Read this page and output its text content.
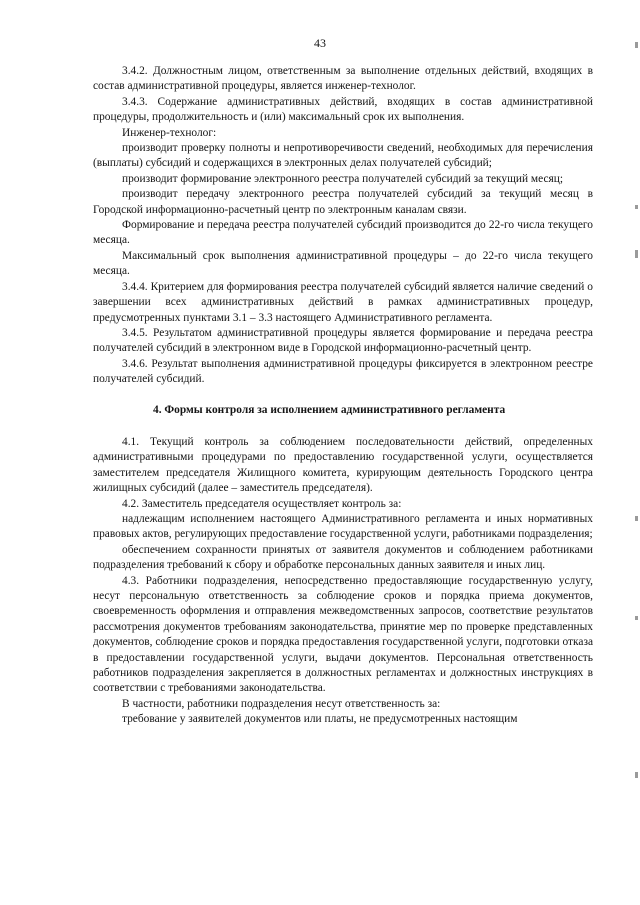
43

3.4.2. Должностным лицом, ответственным за выполнение отдельных действий, входящих в состав административной процедуры, является инженер-технолог.

3.4.3. Содержание административных действий, входящих в состав административной процедуры, продолжительность и (или) максимальный срок их выполнения.

Инженер-технолог:

производит проверку полноты и непротиворечивости сведений, необходимых для перечисления (выплаты) субсидий и содержащихся в электронных делах получателей субсидий;

производит формирование электронного реестра получателей субсидий за текущий месяц;

производит передачу электронного реестра получателей субсидий за текущий месяц в Городской информационно-расчетный центр по электронным каналам связи.

Формирование и передача реестра получателей субсидий производится до 22-го числа текущего месяца.

Максимальный срок выполнения административной процедуры – до 22-го числа текущего месяца.

3.4.4. Критерием для формирования реестра получателей субсидий является наличие сведений о завершении всех административных действий в рамках административных процедур, предусмотренных пунктами 3.1 – 3.3 настоящего Административного регламента.

3.4.5. Результатом административной процедуры является формирование и передача реестра получателей субсидий в электронном виде в Городской информационно-расчетный центр.

3.4.6. Результат выполнения административной процедуры фиксируется в электронном реестре получателей субсидий.

4. Формы контроля за исполнением административного регламента

4.1. Текущий контроль за соблюдением последовательности действий, определенных административными процедурами по предоставлению государственной услуги, осуществляется заместителем председателя Жилищного комитета, курирующим деятельность Городского центра жилищных субсидий (далее – заместитель председателя).

4.2. Заместитель председателя осуществляет контроль за:

надлежащим исполнением настоящего Административного регламента и иных нормативных правовых актов, регулирующих предоставление государственной услуги, работниками подразделения;

обеспечением сохранности принятых от заявителя документов и соблюдением работниками подразделения требований к сбору и обработке персональных данных заявителя и иных лиц.

4.3. Работники подразделения, непосредственно предоставляющие государственную услугу, несут персональную ответственность за соблюдение сроков и порядка приема документов, своевременность оформления и отправления межведомственных запросов, соответствие результатов рассмотрения документов требованиям законодательства, принятие мер по проверке представленных документов, соблюдение сроков и порядка предоставления государственной услуги, подготовки отказа в предоставлении государственной услуги, выдачи документов. Персональная ответственность работников подразделения закрепляется в должностных регламентах и должностных инструкциях в соответствии с требованиями законодательства.

В частности, работники подразделения несут ответственность за:

требование у заявителей документов или платы, не предусмотренных настоящим
